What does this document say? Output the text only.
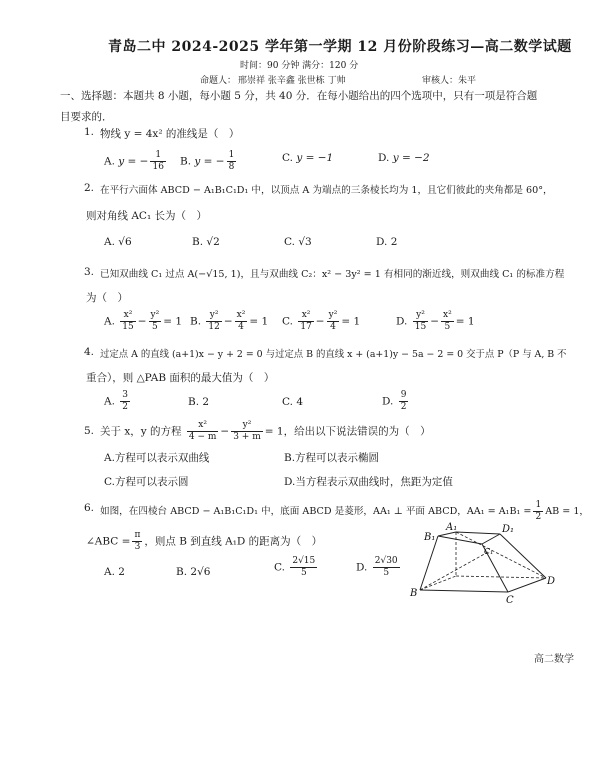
青岛二中 2024-2025 学年第一学期 12 月份阶段练习—高二数学试题
时间：90 分钟 满分：120 分
命题人： 邢崇祥 张辛鑫 张世栋 丁帅	审核人：朱平
一、选择题：本题共 8 小题，每小题 5 分，共 40 分．在每小题给出的四个选项中，只有一项是符合题目要求的．
1. 物线 y = 4x² 的准线是（　）
A. y = − $\frac{1}{16} B$. y = − $\frac{1}{8}$	C. y = −1	D. y = −2
2. 在平行六面体 ABCD − A₁B₁C₁D₁ 中，以顶点 A 为端点的三条棱长均为 1，且它们彼此的夹角都是 60°，
则对角线 AC₁ 长为（　）
A. √6	B. √2	C. √3	D. 2
3. 已知双曲线 C₁ 过点 A(−√15, 1)，且与双曲线 C₂：x² − 3y² = 1 有相同的渐近线，则双曲线 C₁ 的标准方程
为（　）
A. $\frac{\text{x²}}{15} - \frac{\text{y²}}{5} = 1$ B. $\frac{\text{y²}}{12} - \frac{\text{x²}}{4} = 1$ C. $\frac{\text{x²}}{17} - \frac{\text{y²}}{4} = 1$	D. $\frac{\text{y²}}{15} - \frac{\text{x²}}{5} = 1$
4. 过定点 A 的直线 (a+1)x − y + 2 = 0 与过定点 B 的直线 x + (a+1)y − 5a − 2 = 0 交于点 P（P 与 A, B 不
重合），则 △PAB 面积的最大值为（　）
A. $\frac{3}{2}$	B. 2	C. 4	D. $\frac{9}{2}$
5. 关于 x，y 的方程 $\frac{\text{x²}}{4 - m} - \frac{\text{y²}}{3 + m} = 1$，给出以下说法错误的为（　）
A.方程可以表示双曲线	B.方程可以表示椭圆
C.方程可以表示圆	D.当方程表示双曲线时，焦距为定值
6. 如图，在四棱台 ABCD − A₁B₁C₁D₁ 中，底面 ABCD 是菱形，AA₁ ⊥ 平面 ABCD，$AA_1 = A_1B_1 = \frac{1}{2}$ AB = 1，
∠ABC = $\frac{\pi}{3}$ ，则点 B 到直线 A₁D 的距离为（　）
A. 2	B. 2√6	C. $\frac{2√15}{5}$	D. $\frac{2√30}{5}$
A₁
B₁
C₁
D₁
B
C
D
高二数学
